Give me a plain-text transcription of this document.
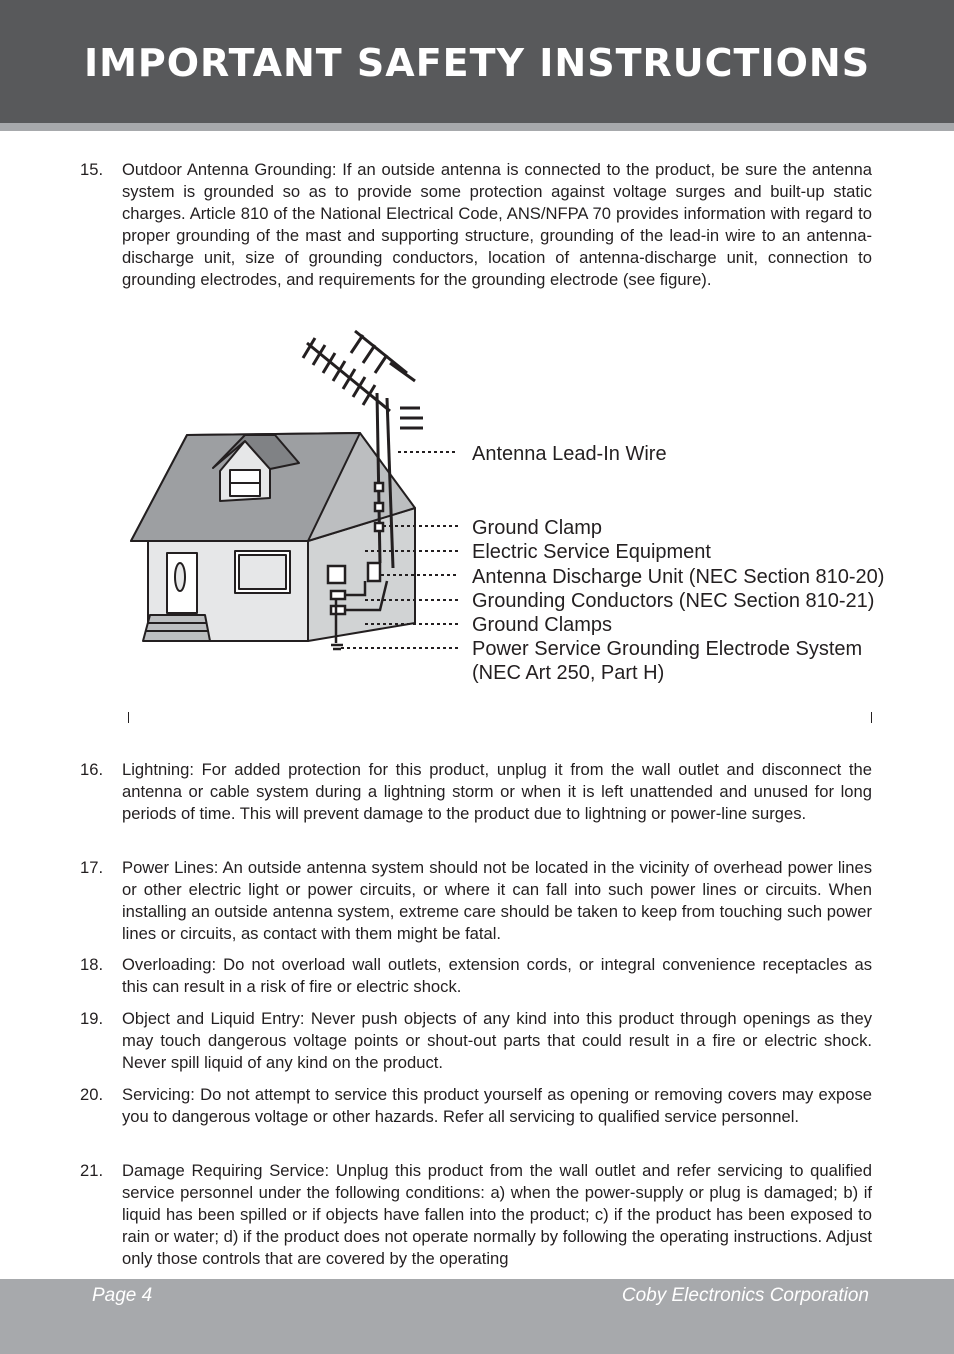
IMPORTANT SAFETY INSTRUCTIONS
15.	Outdoor Antenna Grounding: If an outside antenna is connected to the product, be sure the antenna system is grounded so as to provide some protection against voltage surges and built-up static charges. Article 810 of the National Electrical Code, ANS/NFPA 70 provides information with regard to proper grounding of the mast and supporting structure, grounding of the lead-in wire to an antenna-discharge unit, size of grounding conductors, location of antenna-discharge unit, connection to grounding electrodes, and requirements for the grounding electrode (see figure).
Antenna Lead-In Wire
Ground Clamp
Electric Service Equipment
Antenna Discharge Unit (NEC Section 810-20)
Grounding Conductors (NEC Section 810-21)
Ground Clamps
Power Service Grounding Electrode System
(NEC Art 250, Part H)
16.	Lightning: For added protection for this product, unplug it from the wall outlet and disconnect the antenna or cable system during a lightning storm or when it is left unattended and unused for long periods of time. This will prevent damage to the product due to lightning or power-line surges.
17.	Power Lines: An outside antenna system should not be located in the vicinity of overhead power lines or other electric light or power circuits, or where it can fall into such power lines or circuits. When installing an outside antenna system, extreme care should be taken to keep from touching such power lines or circuits, as contact with them might be fatal.
18.	Overloading: Do not overload wall outlets, extension cords, or integral convenience receptacles as this can result in a risk of fire or electric shock.
19.	Object and Liquid Entry: Never push objects of any kind into this product through openings as they may touch dangerous voltage points or shout-out parts that could result in a fire or electric shock. Never spill liquid of any kind on the product.
20.	Servicing: Do not attempt to service this product yourself as opening or removing covers may expose you to dangerous voltage or other hazards. Refer all servicing to qualified service personnel.
21.	Damage Requiring Service: Unplug this product from the wall outlet and refer servicing to qualified service personnel under the following conditions: a) when the power-supply or plug is damaged; b) if liquid has been spilled or if objects have fallen into the product; c) if the product has been exposed to rain or water; d) if the product does not operate normally by following the operating instructions. Adjust only those controls that are covered by the operating
Page 4	Coby Electronics Corporation
